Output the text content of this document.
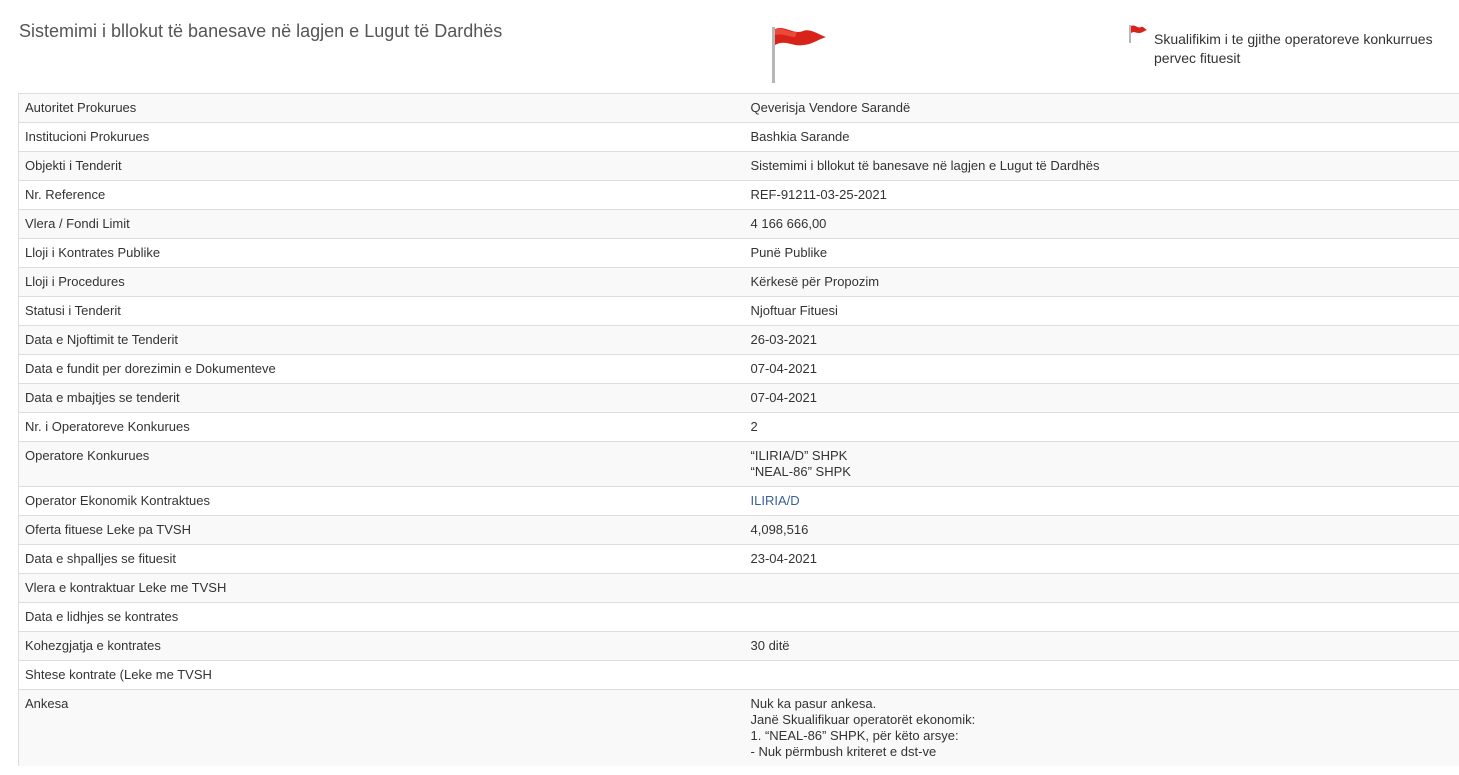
Sistemimi i bllokut të banesave në lagjen e Lugut të Dardhës	Skualifikim i te gjithe operatoreve konkurrues pervec fituesit
Autoritet Prokurues	Qeverisja Vendore Sarandë

Institucioni Prokurues	Bashkia Sarande

Objekti i Tenderit	Sistemimi i bllokut të banesave në lagjen e Lugut të Dardhës

Nr. Reference	REF-91211-03-25-2021

Vlera / Fondi Limit	4 166 666,00

Lloji i Kontrates Publike	Punë Publike

Lloji i Procedures	Kërkesë për Propozim

Statusi i Tenderit	Njoftuar Fituesi

Data e Njoftimit te Tenderit	26-03-2021

Data e fundit per dorezimin e Dokumenteve	07-04-2021

Data e mbajtjes se tenderit	07-04-2021

Nr. i Operatoreve Konkurues	2

Operatore Konkurues	“ILIRIA/D” SHPK
“NEAL-86” SHPK

Operator Ekonomik Kontraktues	ILIRIA/D

Oferta fituese Leke pa TVSH	4,098,516

Data e shpalljes se fituesit	23-04-2021

Vlera e kontraktuar Leke me TVSH	

Data e lidhjes se kontrates	

Kohezgjatja e kontrates	30 ditë

Shtese kontrate (Leke me TVSH	

Ankesa	Nuk ka pasur ankesa.
Janë Skualifikuar operatorët ekonomik:
1. “NEAL-86” SHPK, për këto arsye:
- Nuk përmbush kriteret e dst-ve
